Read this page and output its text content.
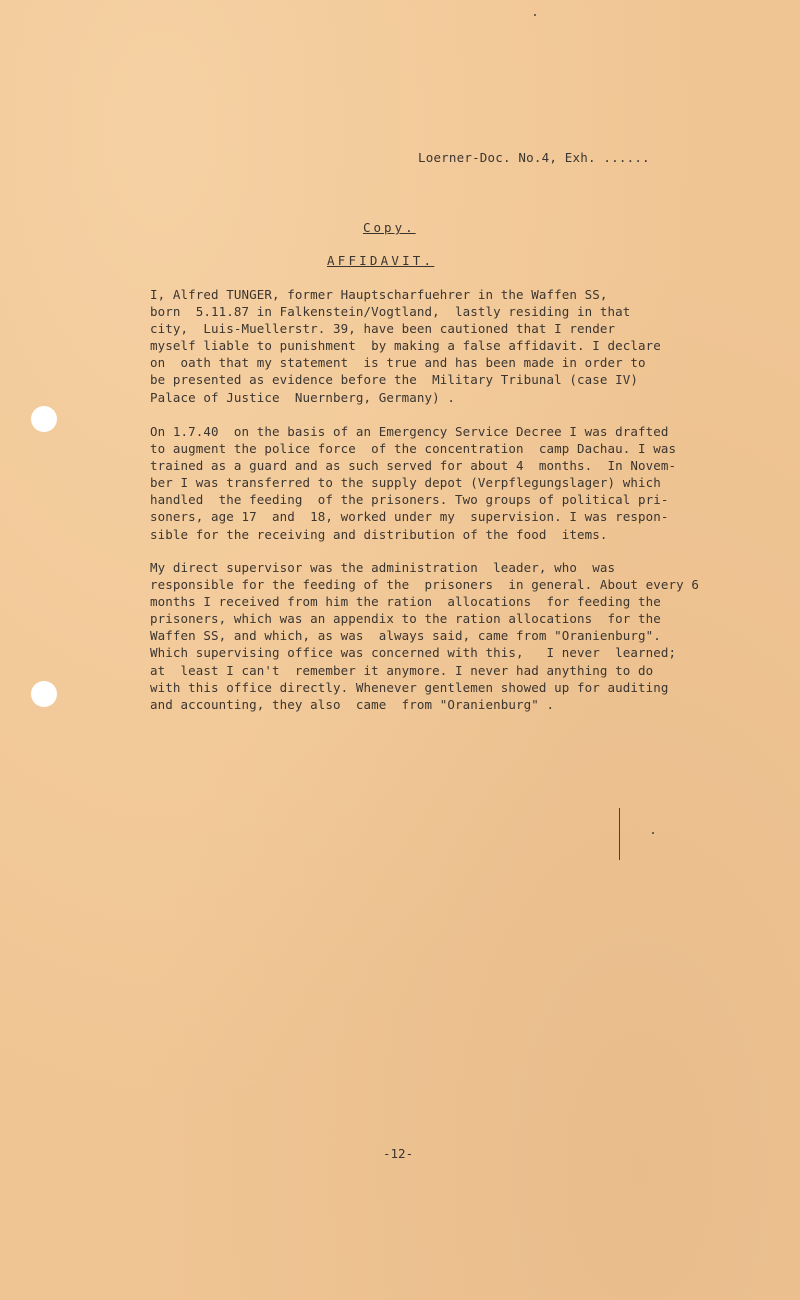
Loerner-Doc. No.4, Exh. ......
Copy.
AFFIDAVIT.
I, Alfred TUNGER, former Hauptscharfuehrer in the Waffen SS,
born  5.11.87 in Falkenstein/Vogtland,  lastly residing in that
city,  Luis-Muellerstr. 39, have been cautioned that I render
myself liable to punishment  by making a false affidavit. I declare
on  oath that my statement  is true and has been made in order to
be presented as evidence before the  Military Tribunal (case IV)
Palace of Justice  Nuernberg, Germany) .
On 1.7.40  on the basis of an Emergency Service Decree I was drafted
to augment the police force  of the concentration  camp Dachau. I was
trained as a guard and as such served for about 4  months.  In Novem-
ber I was transferred to the supply depot (Verpflegungslager) which
handled  the feeding  of the prisoners. Two groups of political pri-
soners, age 17  and  18, worked under my  supervision. I was respon-
sible for the receiving and distribution of the food  items.
My direct supervisor was the administration  leader, who  was
responsible for the feeding of the  prisoners  in general. About every 6
months I received from him the ration  allocations  for feeding the
prisoners, which was an appendix to the ration allocations  for the
Waffen SS, and which, as was  always said, came from "Oranienburg".
Which supervising office was concerned with this,   I never  learned;
at  least I can't  remember it anymore. I never had anything to do
with this office directly. Whenever gentlemen showed up for auditing
and accounting, they also  came  from "Oranienburg" .
-12-
